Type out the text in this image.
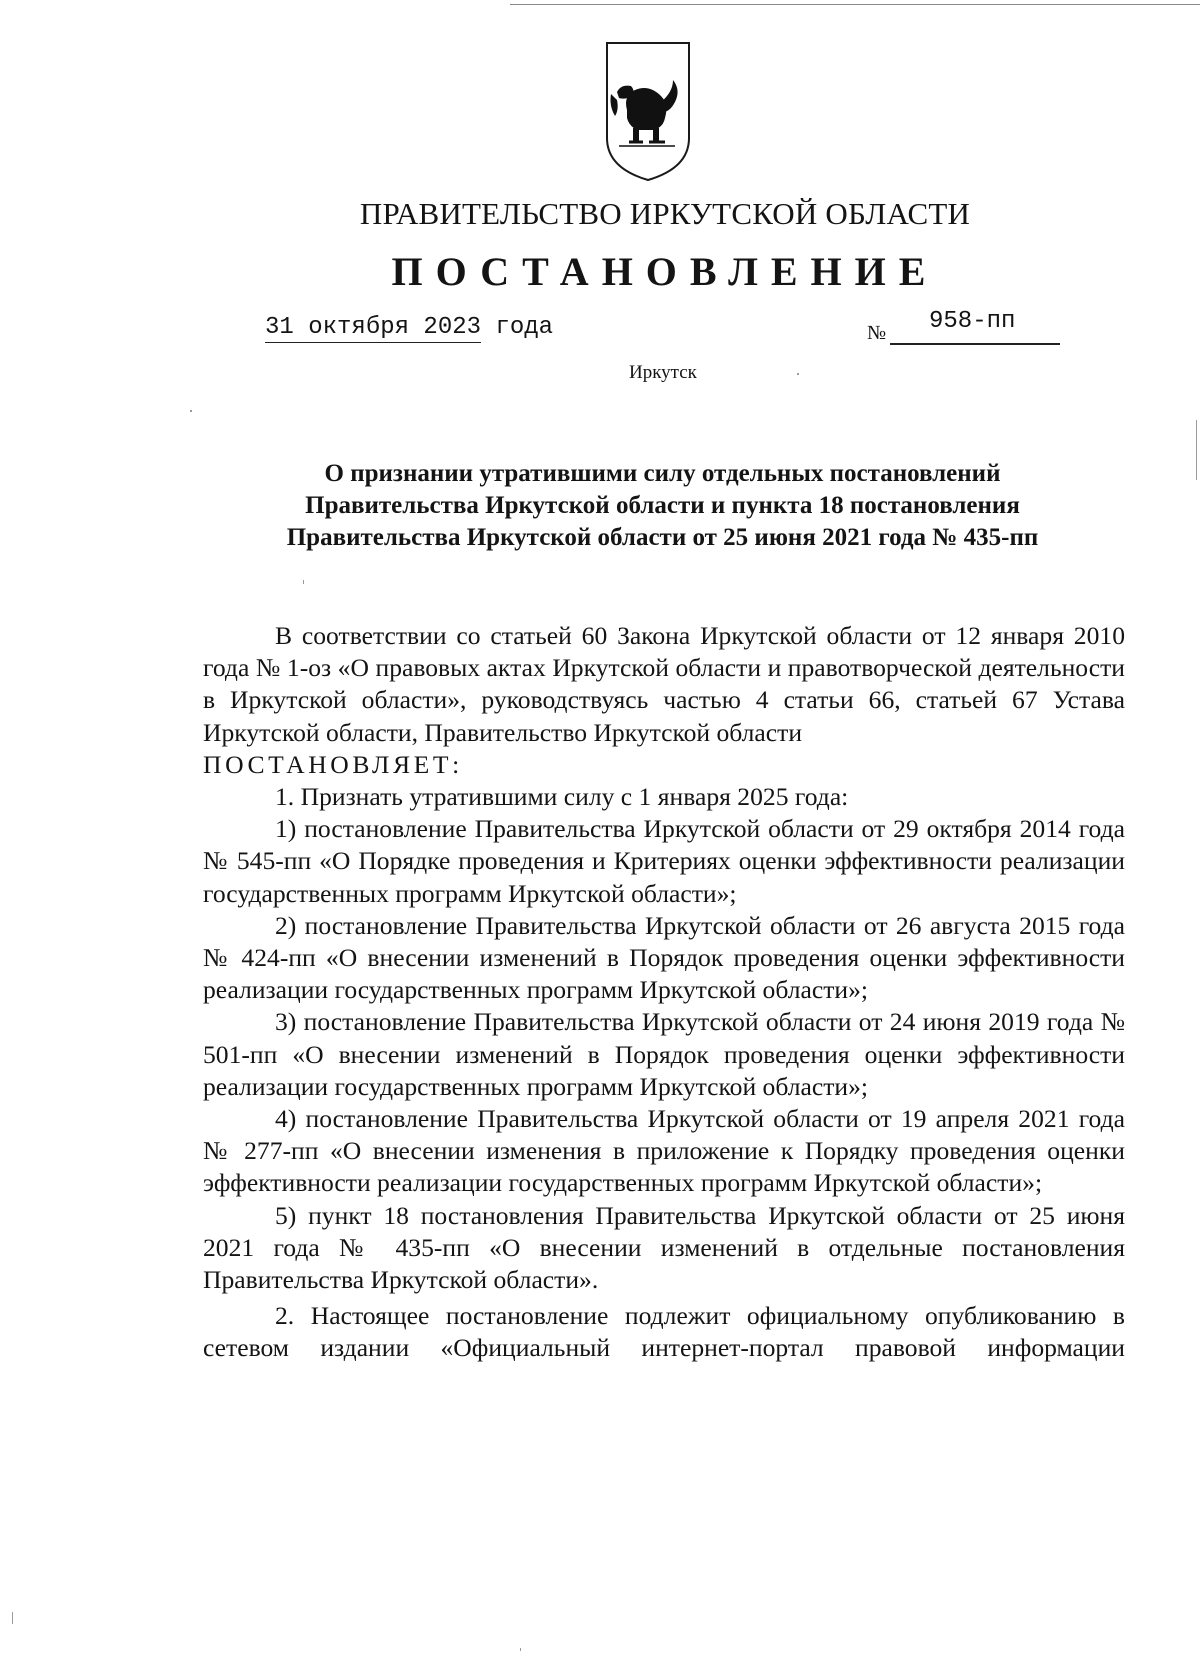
ПРАВИТЕЛЬСТВО ИРКУТСКОЙ ОБЛАСТИ
ПОСТАНОВЛЕНИЕ
31 октября 2023 года	№ 958-пп
Иркутск
О признании утратившими силу отдельных постановлений
Правительства Иркутской области и пункта 18 постановления
Правительства Иркутской области от 25 июня 2021 года № 435-пп

В соответствии со статьей 60 Закона Иркутской области от 12 января 2010 года № 1-оз «О правовых актах Иркутской области и правотворческой деятельности в Иркутской области», руководствуясь частью 4 статьи 66, статьей 67 Устава Иркутской области, Правительство Иркутской области

ПОСТАНОВЛЯЕТ:

1. Признать утратившими силу с 1 января 2025 года:

1) постановление Правительства Иркутской области от 29 октября 2014 года № 545-пп «О Порядке проведения и Критериях оценки эффективности реализации государственных программ Иркутской области»;

2) постановление Правительства Иркутской области от 26 августа 2015 года № 424-пп «О внесении изменений в Порядок проведения оценки эффективности реализации государственных программ Иркутской области»;

3) постановление Правительства Иркутской области от 24 июня 2019 года № 501-пп «О внесении изменений в Порядок проведения оценки эффективности реализации государственных программ Иркутской области»;

4) постановление Правительства Иркутской области от 19 апреля 2021 года № 277-пп «О внесении изменения в приложение к Порядку проведения оценки эффективности реализации государственных программ Иркутской области»;

5) пункт 18 постановления Правительства Иркутской области от 25 июня 2021 года № 435-пп «О внесении изменений в отдельные постановления Правительства Иркутской области».

2. Настоящее постановление подлежит официальному опубликованию в сетевом издании «Официальный интернет-портал правовой информации
